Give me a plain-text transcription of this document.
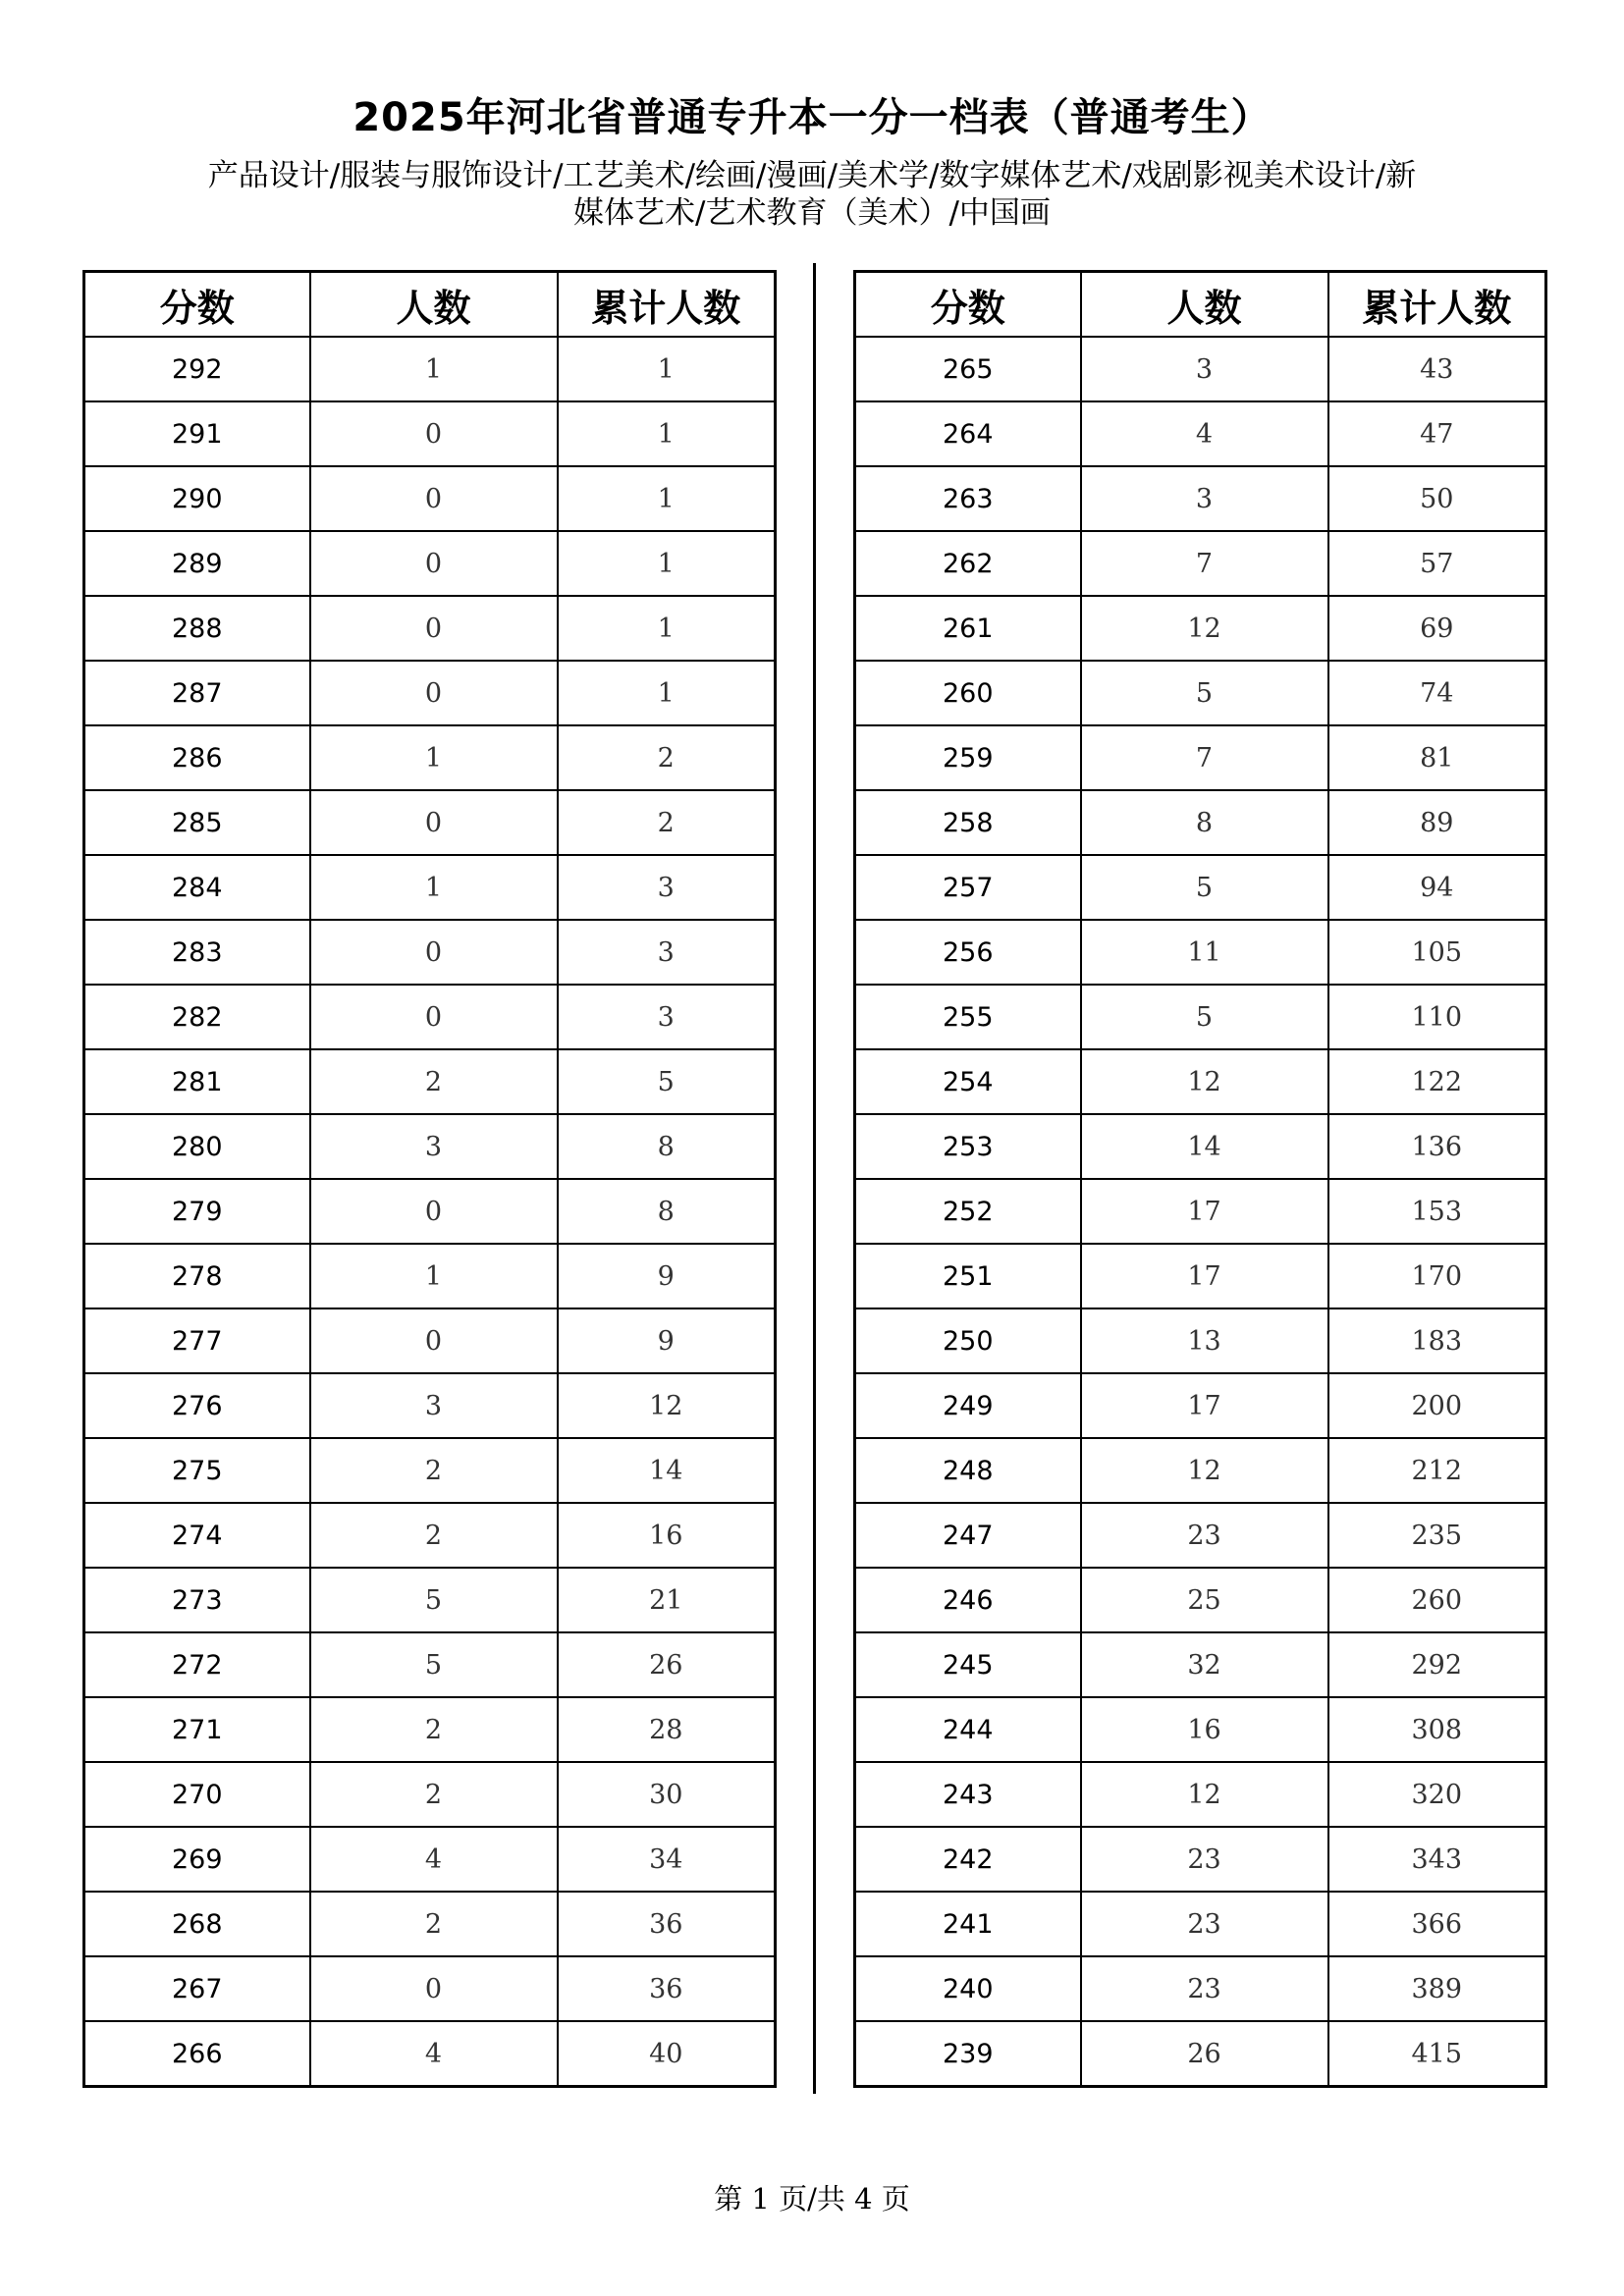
2025年河北省普通专升本一分一档表（普通考生）
产品设计/服装与服饰设计/工艺美术/绘画/漫画/美术学/数字媒体艺术/戏剧影视美术设计/新
媒体艺术/艺术教育（美术）/中国画
分数	人数	累计人数
292	1	1
291	0	1
290	0	1
289	0	1
288	0	1
287	0	1
286	1	2
285	0	2
284	1	3
283	0	3
282	0	3
281	2	5
280	3	8
279	0	8
278	1	9
277	0	9
276	3	12
275	2	14
274	2	16
273	5	21
272	5	26
271	2	28
270	2	30
269	4	34
268	2	36
267	0	36
266	4	40
分数	人数	累计人数
265	3	43
264	4	47
263	3	50
262	7	57
261	12	69
260	5	74
259	7	81
258	8	89
257	5	94
256	11	105
255	5	110
254	12	122
253	14	136
252	17	153
251	17	170
250	13	183
249	17	200
248	12	212
247	23	235
246	25	260
245	32	292
244	16	308
243	12	320
242	23	343
241	23	366
240	23	389
239	26	415
第 1 页/共 4 页
